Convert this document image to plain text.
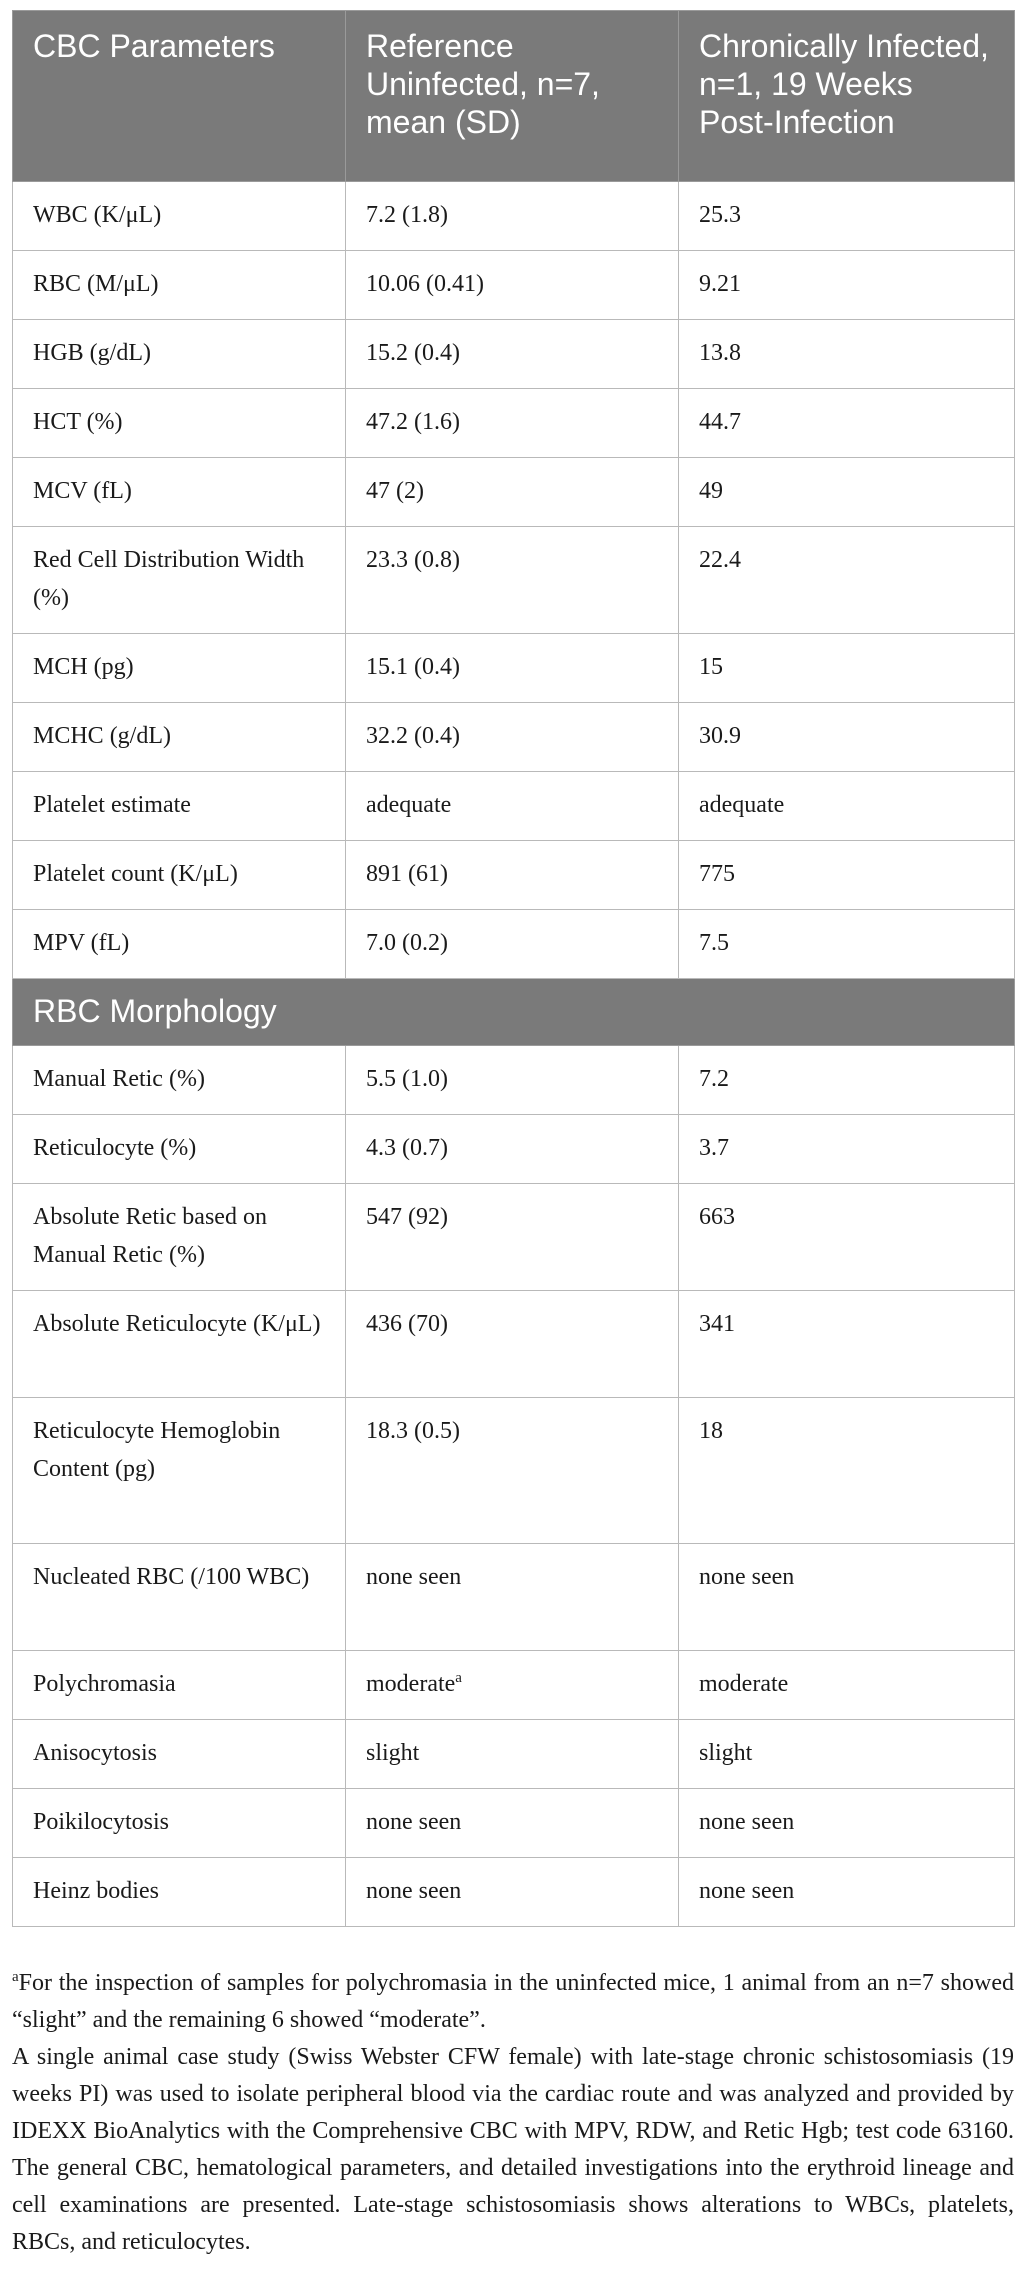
CBC Parameters	Reference Uninfected, n=7, mean (SD)	Chronically Infected, n=1, 19 Weeks Post-Infection
WBC (K/μL)	7.2 (1.8)	25.3
RBC (M/μL)	10.06 (0.41)	9.21
HGB (g/dL)	15.2 (0.4)	13.8
HCT (%)	47.2 (1.6)	44.7
MCV (fL)	47 (2)	49
Red Cell Distribution Width (%)	23.3 (0.8)	22.4
MCH (pg)	15.1 (0.4)	15
MCHC (g/dL)	32.2 (0.4)	30.9
Platelet estimate	adequate	adequate
Platelet count (K/μL)	891 (61)	775
MPV (fL)	7.0 (0.2)	7.5
RBC Morphology		
Manual Retic (%)	5.5 (1.0)	7.2
Reticulocyte (%)	4.3 (0.7)	3.7
Absolute Retic based on Manual Retic (%)	547 (92)	663
Absolute Reticulocyte (K/μL)	436 (70)	341
Reticulocyte Hemoglobin Content (pg)	18.3 (0.5)	18
Nucleated RBC (/100 WBC)	none seen	none seen
Polychromasia	moderate$^a$	moderate
Anisocytosis	slight	slight
Poikilocytosis	none seen	none seen
Heinz bodies	none seen	none seen

$^a$For the inspection of samples for polychromasia in the uninfected mice, 1 animal from an n=7 showed “slight” and the remaining 6 showed “moderate”.

A single animal case study (Swiss Webster CFW female) with late-stage chronic schistosomiasis (19 weeks PI) was used to isolate peripheral blood via the cardiac route and was analyzed and provided by IDEXX BioAnalytics with the Comprehensive CBC with MPV, RDW, and Retic Hgb; test code 63160. The general CBC, hematological parameters, and detailed investigations into the erythroid lineage and cell examinations are presented. Late-stage schistosomiasis shows alterations to WBCs, platelets, RBCs, and reticulocytes.
